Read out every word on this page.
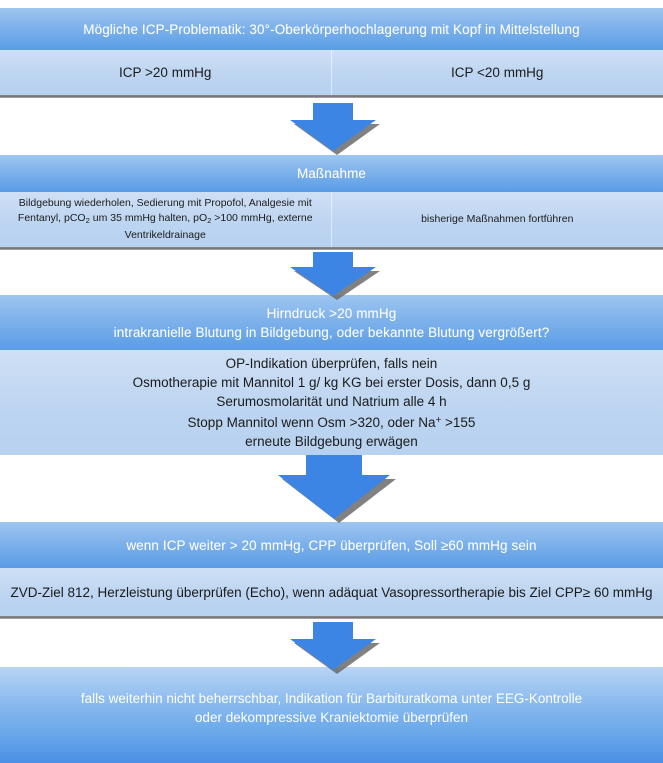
Mögliche ICP-Problematik: 30°-Oberkörperhochlagerung mit Kopf in Mittelstellung
ICP >20 mmHg	ICP <20 mmHg
Maßnahme
Bildgebung wiederholen, Sedierung mit Propofol, Analgesie mit
Fentanyl, pCO$_2$ um 35 mmHg halten, $pO_2 >100$ mmHg, externe
Ventrikeldrainage
bisherige Maßnahmen fortführen
Hirndruck >20 mmHg
intrakranielle Blutung in Bildgebung, oder bekannte Blutung vergrößert?
OP-Indikation überprüfen, falls nein
Osmotherapie mit Mannitol 1 g/ kg KG bei erster Dosis, dann 0,5 g
Serumosmolarität und Natrium alle 4 h
Stopp Mannitol wenn Osm >320, oder Na+ >155
erneute Bildgebung erwägen
wenn ICP weiter > 20 mmHg, CPP überprüfen, Soll ≥60 mmHg sein
ZVD-Ziel 812, Herzleistung überprüfen (Echo), wenn adäquat Vasopressortherapie bis Ziel CPP≥ 60 mmHg
falls weiterhin nicht beherrschbar, Indikation für Barbituratkoma unter EEG-Kontrolle
oder dekompressive Kraniektomie überprüfen
